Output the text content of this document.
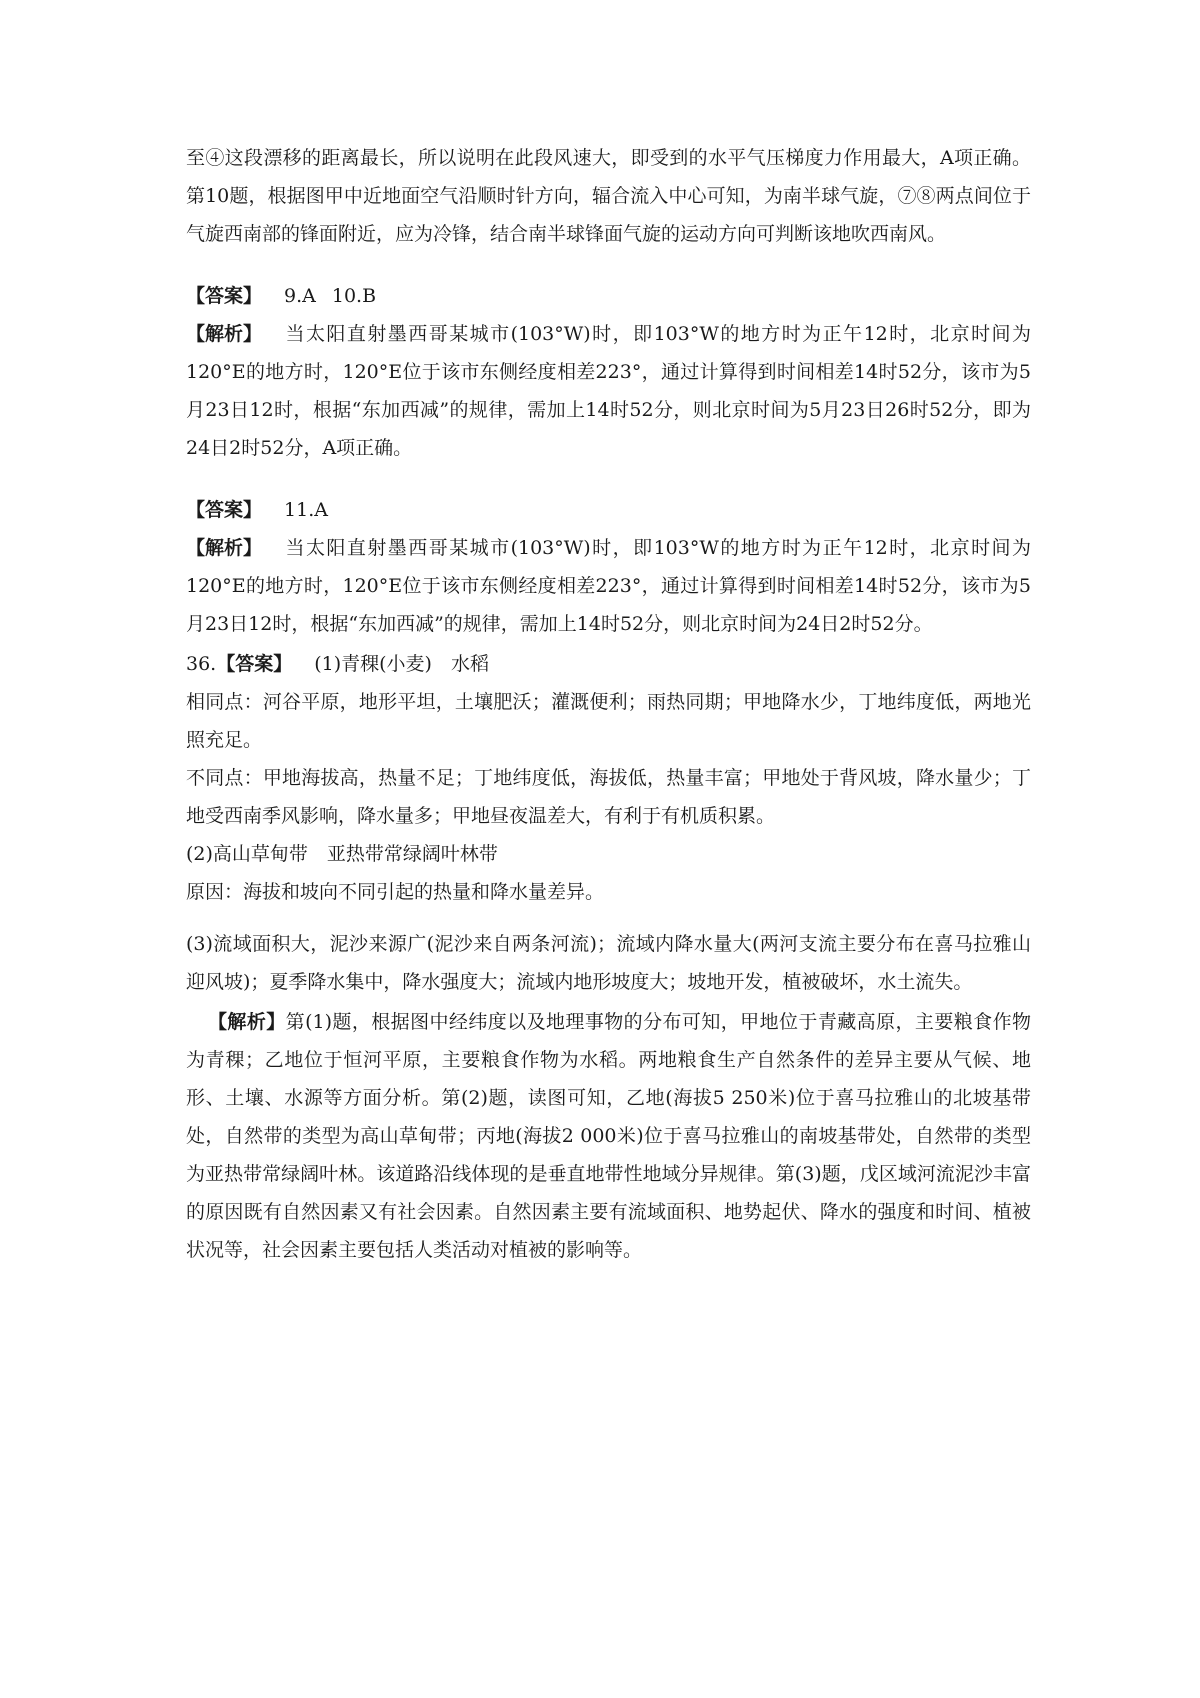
至④这段漂移的距离最长，所以说明在此段风速大，即受到的水平气压梯度力作用最大，A项正确。第10题，根据图甲中近地面空气沿顺时针方向，辐合流入中心可知，为南半球气旋，⑦⑧两点间位于气旋西南部的锋面附近，应为冷锋，结合南半球锋面气旋的运动方向可判断该地吹西南风。

【答案】 9.A 10.B

【解析】 当太阳直射墨西哥某城市(103°W)时，即103°W的地方时为正午12时，北京时间为120°E的地方时，120°E位于该市东侧经度相差223°，通过计算得到时间相差14时52分，该市为5月23日12时，根据“东加西减”的规律，需加上14时52分，则北京时间为5月23日26时52分，即为24日2时52分，A项正确。

【答案】 11.A

【解析】 当太阳直射墨西哥某城市(103°W)时，即103°W的地方时为正午12时，北京时间为120°E的地方时，120°E位于该市东侧经度相差223°，通过计算得到时间相差14时52分，该市为5月23日12时，根据“东加西减”的规律，需加上14时52分，则北京时间为24日2时52分。

36.【答案】 (1)青稞(小麦)　水稻

相同点：河谷平原，地形平坦，土壤肥沃；灌溉便利；雨热同期；甲地降水少，丁地纬度低，两地光照充足。

不同点：甲地海拔高，热量不足；丁地纬度低，海拔低，热量丰富；甲地处于背风坡，降水量少；丁地受西南季风影响，降水量多；甲地昼夜温差大，有利于有机质积累。

(2)高山草甸带　亚热带常绿阔叶林带

原因：海拔和坡向不同引起的热量和降水量差异。

(3)流域面积大，泥沙来源广(泥沙来自两条河流)；流域内降水量大(两河支流主要分布在喜马拉雅山迎风坡)；夏季降水集中，降水强度大；流域内地形坡度大；坡地开发，植被破坏，水土流失。

【解析】第(1)题，根据图中经纬度以及地理事物的分布可知，甲地位于青藏高原，主要粮食作物为青稞；乙地位于恒河平原，主要粮食作物为水稻。两地粮食生产自然条件的差异主要从气候、地形、土壤、水源等方面分析。第(2)题，读图可知，乙地(海拔5 250米)位于喜马拉雅山的北坡基带处，自然带的类型为高山草甸带；丙地(海拔2 000米)位于喜马拉雅山的南坡基带处，自然带的类型为亚热带常绿阔叶林。该道路沿线体现的是垂直地带性地域分异规律。第(3)题，戊区域河流泥沙丰富的原因既有自然因素又有社会因素。自然因素主要有流域面积、地势起伏、降水的强度和时间、植被状况等，社会因素主要包括人类活动对植被的影响等。
